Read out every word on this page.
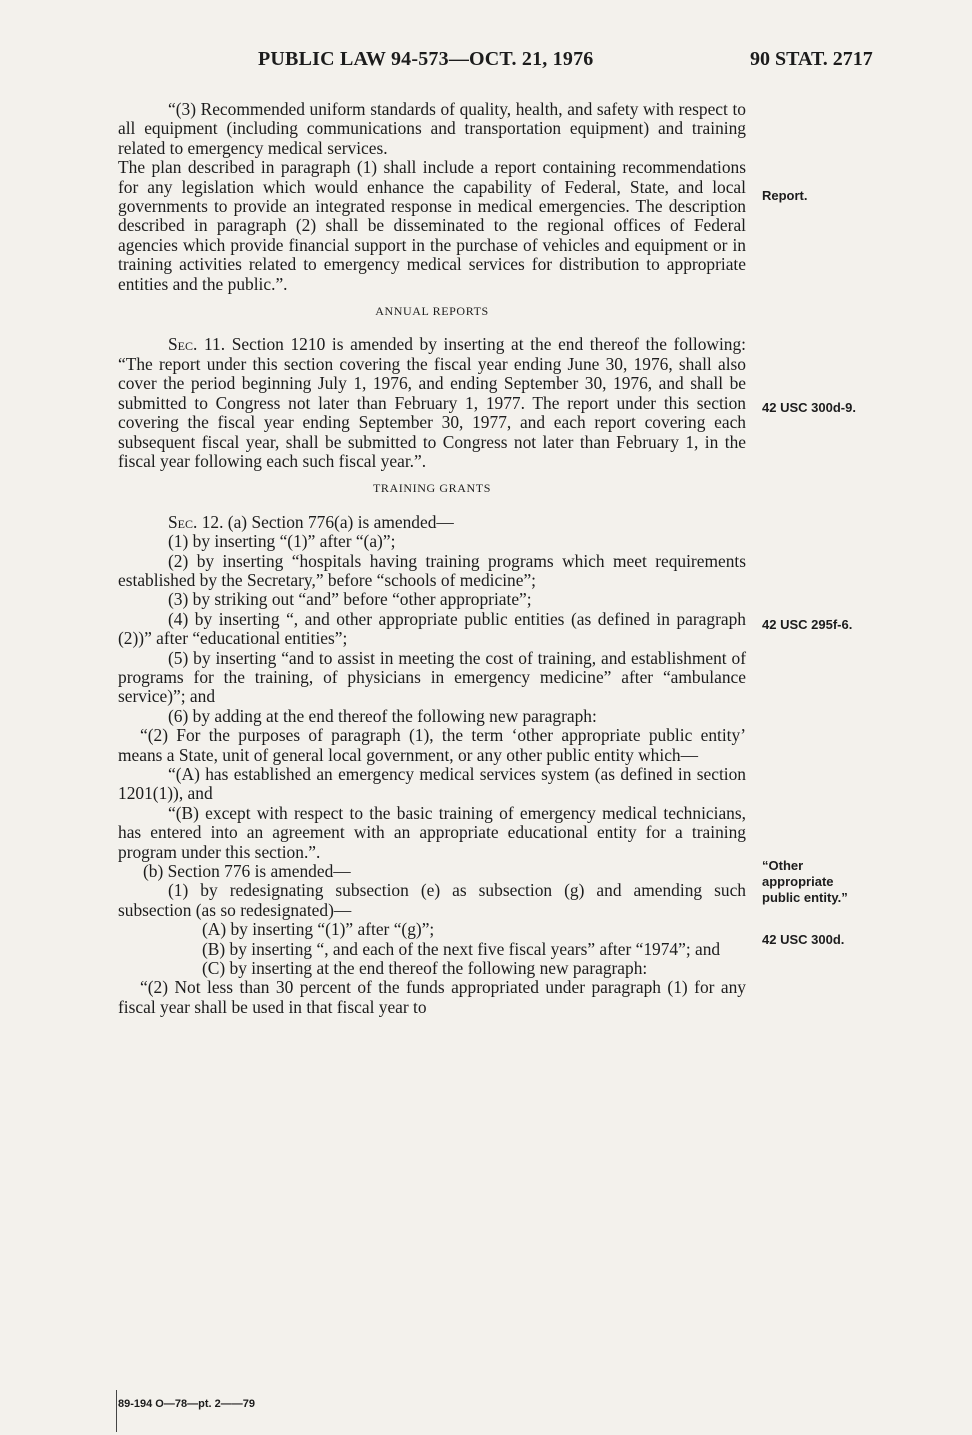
PUBLIC LAW 94-573—OCT. 21, 1976	90 STAT. 2717

“(3) Recommended uniform standards of quality, health, and safety with respect to all equipment (including communications and transportation equipment) and training related to emergency medical services.

The plan described in paragraph (1) shall include a report containing recommendations for any legislation which would enhance the capability of Federal, State, and local governments to provide an integrated response in medical emergencies. The description described in paragraph (2) shall be disseminated to the regional offices of Federal agencies which provide financial support in the purchase of vehicles and equipment or in training activities related to emergency medical services for distribution to appropriate entities and the public.”.

ANNUAL REPORTS

Sec. 11. Section 1210 is amended by inserting at the end thereof the following: “The report under this section covering the fiscal year ending June 30, 1976, shall also cover the period beginning July 1, 1976, and ending September 30, 1976, and shall be submitted to Congress not later than February 1, 1977. The report under this section covering the fiscal year ending September 30, 1977, and each report covering each subsequent fiscal year, shall be submitted to Congress not later than February 1, in the fiscal year following each such fiscal year.”.

TRAINING GRANTS

Sec. 12. (a) Section 776(a) is amended—

(1) by inserting “(1)” after “(a)”;

(2) by inserting “hospitals having training programs which meet requirements established by the Secretary,” before “schools of medicine”;

(3) by striking out “and” before “other appropriate”;

(4) by inserting “, and other appropriate public entities (as defined in paragraph (2))” after “educational entities”;

(5) by inserting “and to assist in meeting the cost of training, and establishment of programs for the training, of physicians in emergency medicine” after “ambulance service)”; and

(6) by adding at the end thereof the following new paragraph:

“(2) For the purposes of paragraph (1), the term ‘other appropriate public entity’ means a State, unit of general local government, or any other public entity which—

“(A) has established an emergency medical services system (as defined in section 1201(1)), and

“(B) except with respect to the basic training of emergency medical technicians, has entered into an agreement with an appropriate educational entity for a training program under this section.”.

(b) Section 776 is amended—

(1) by redesignating subsection (e) as subsection (g) and amending such subsection (as so redesignated)—

(A) by inserting “(1)” after “(g)”;

(B) by inserting “, and each of the next five fiscal years” after “1974”; and

(C) by inserting at the end thereof the following new paragraph:

“(2) Not less than 30 percent of the funds appropriated under paragraph (1) for any fiscal year shall be used in that fiscal year to

Report.
42 USC 300d-9.
42 USC 295f-6.
“Other
appropriate
public entity.”
42 USC 300d.
89-194 O—78—pt. 2——79
